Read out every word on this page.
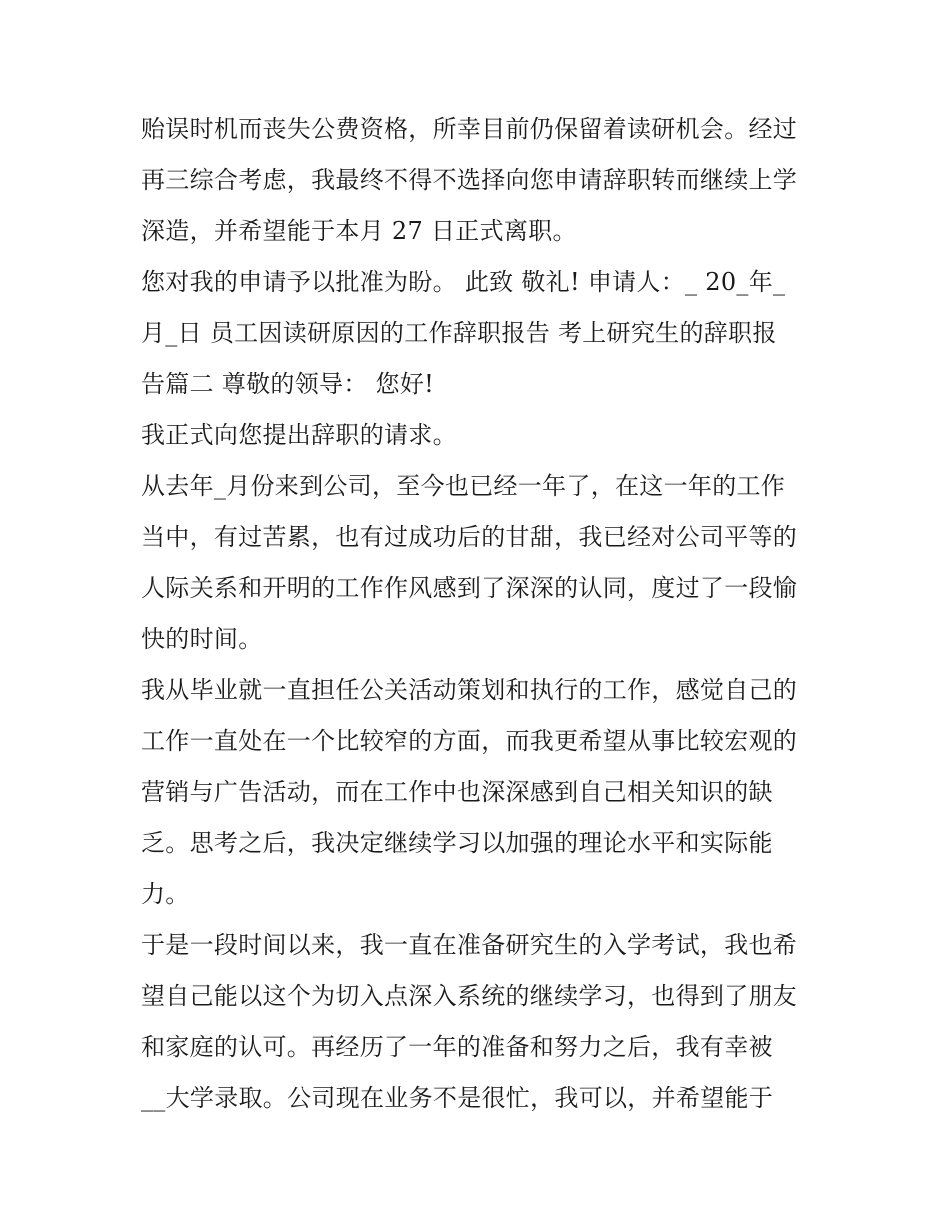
贻误时机而丧失公费资格，所幸目前仍保留着读研机会。经过
再三综合考虑，我最终不得不选择向您申请辞职转而继续上学
深造，并希望能于本月 27 日正式离职。
您对我的申请予以批准为盼。 此致 敬礼! 申请人：_ 20_年_
月_日 员工因读研原因的工作辞职报告 考上研究生的辞职报
告篇二 尊敬的领导： 您好!
我正式向您提出辞职的请求。
从去年_月份来到公司，至今也已经一年了，在这一年的工作
当中，有过苦累，也有过成功后的甘甜，我已经对公司平等的
人际关系和开明的工作作风感到了深深的认同，度过了一段愉
快的时间。
我从毕业就一直担任公关活动策划和执行的工作，感觉自己的
工作一直处在一个比较窄的方面，而我更希望从事比较宏观的
营销与广告活动，而在工作中也深深感到自己相关知识的缺
乏。思考之后，我决定继续学习以加强的理论水平和实际能
力。
于是一段时间以来，我一直在准备研究生的入学考试，我也希
望自己能以这个为切入点深入系统的继续学习，也得到了朋友
和家庭的认可。再经历了一年的准备和努力之后，我有幸被
__大学录取。公司现在业务不是很忙，我可以，并希望能于
